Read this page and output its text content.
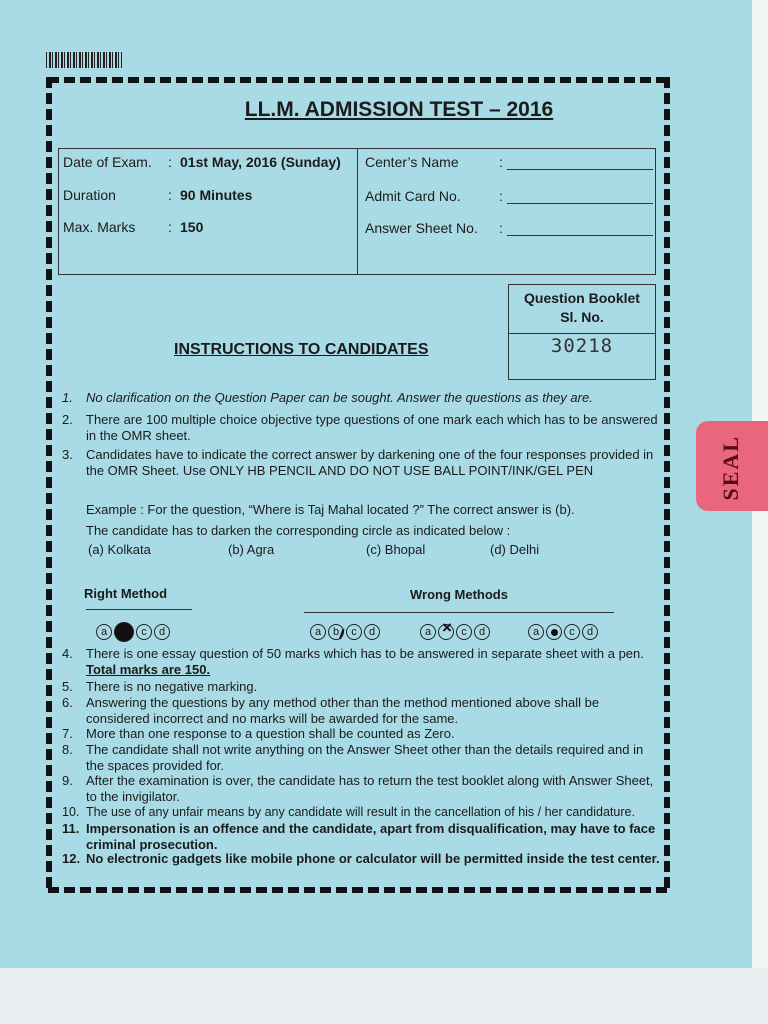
LL.M. ADMISSION TEST – 2016
Date of Exam. : 01st May, 2016 (Sunday)
Duration	: 90 Minutes
Max. Marks : 150
Center’s Name	:
Admit Card No.	:
Answer Sheet No. :
Question Booklet
Sl. No.
30218
INSTRUCTIONS TO CANDIDATES
1. No clarification on the Question Paper can be sought. Answer the questions as they are.
2. There are 100 multiple choice objective type questions of one mark each which has to be answered in the OMR sheet.
3. Candidates have to indicate the correct answer by darkening one of the four responses provided in the OMR Sheet. Use ONLY HB PENCIL AND DO NOT USE BALL POINT/INK/GEL PEN
Example : For the question, “Where is Taj Mahal located ?” The correct answer is (b).
The candidate has to darken the corresponding circle as indicated below :
(a) Kolkata	(b) Agra	(c) Bhopal	(d) Delhi
Right Method	Wrong Methods
a	c	d	a	b	c	d	a
×	c	d	a	c	d
4. There is one essay question of 50 marks which has to be answered in separate sheet with a pen.
Total marks are 150.
5. There is no negative marking.
6. Answering the questions by any method other than the method mentioned above shall be considered incorrect and no marks will be awarded for the same.
7. More than one response to a question shall be counted as Zero.
8. The candidate shall not write anything on the Answer Sheet other than the details required and in the spaces provided for.
9. After the examination is over, the candidate has to return the test booklet along with Answer Sheet, to the invigilator.
10. The use of any unfair means by any candidate will result in the cancellation of his / her candidature.
11. Impersonation is an offence and the candidate, apart from disqualification, may have to face criminal prosecution.
12. No electronic gadgets like mobile phone or calculator will be permitted inside the test center.
SEAL
